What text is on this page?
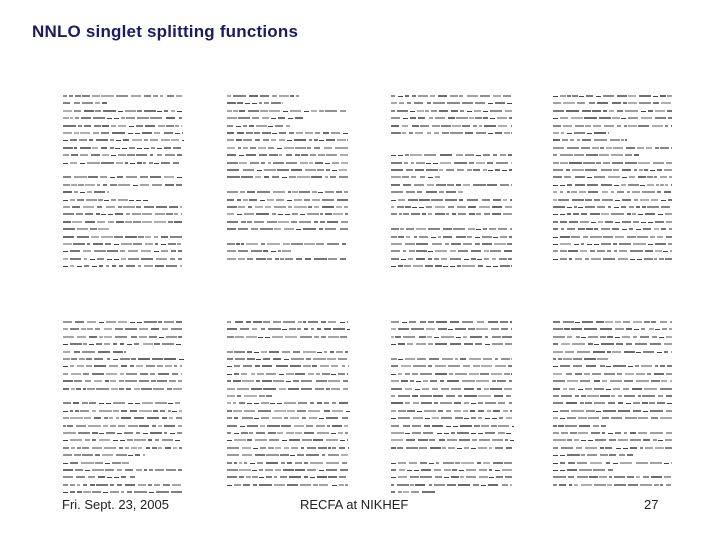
NNLO singlet splitting functions
Fri. Sept. 23, 2005	RECFA at NIKHEF	27
